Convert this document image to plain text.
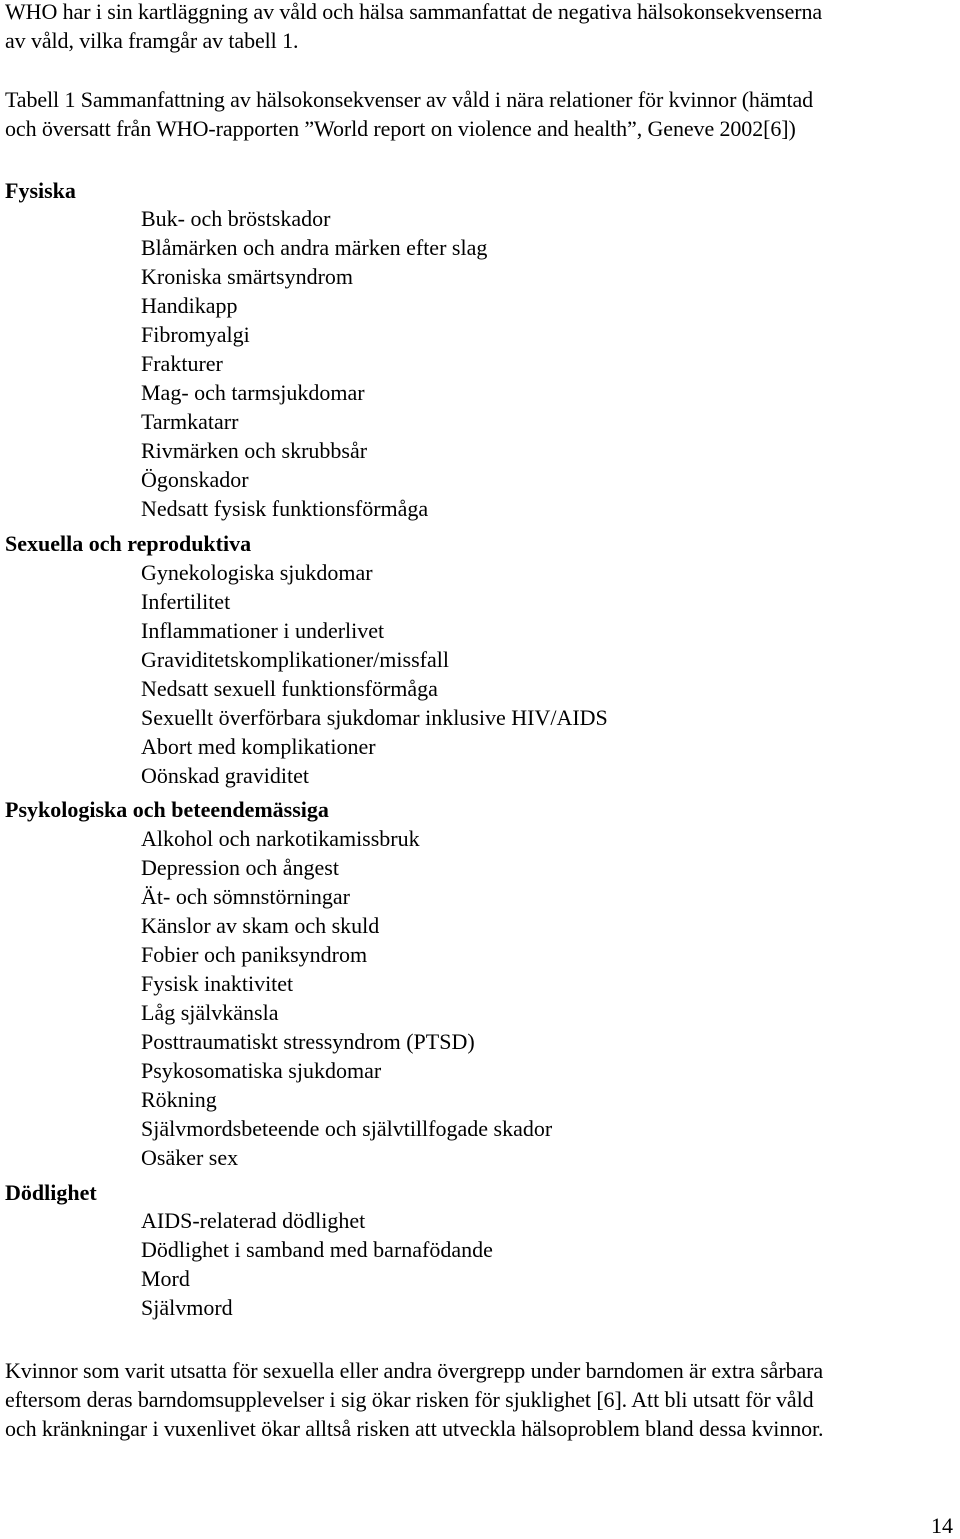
WHO har i sin kartläggning av våld och hälsa sammanfattat de negativa hälsokonsekvenserna
av våld, vilka framgår av tabell 1.
Tabell 1 Sammanfattning av hälsokonsekvenser av våld i nära relationer för kvinnor (hämtad
och översatt från WHO-rapporten ”World report on violence and health”, Geneve 2002[6])
Fysiska
Buk- och bröstskador
Blåmärken och andra märken efter slag
Kroniska smärtsyndrom
Handikapp
Fibromyalgi
Frakturer
Mag- och tarmsjukdomar
Tarmkatarr
Rivmärken och skrubbsår
Ögonskador
Nedsatt fysisk funktionsförmåga
Sexuella och reproduktiva
Gynekologiska sjukdomar
Infertilitet
Inflammationer i underlivet
Graviditetskomplikationer/missfall
Nedsatt sexuell funktionsförmåga
Sexuellt överförbara sjukdomar inklusive HIV/AIDS
Abort med komplikationer
Oönskad graviditet
Psykologiska och beteendemässiga
Alkohol och narkotikamissbruk
Depression och ångest
Ät- och sömnstörningar
Känslor av skam och skuld
Fobier och paniksyndrom
Fysisk inaktivitet
Låg självkänsla
Posttraumatiskt stressyndrom (PTSD)
Psykosomatiska sjukdomar
Rökning
Självmordsbeteende och självtillfogade skador
Osäker sex
Dödlighet
AIDS-relaterad dödlighet
Dödlighet i samband med barnafödande
Mord
Självmord
Kvinnor som varit utsatta för sexuella eller andra övergrepp under barndomen är extra sårbara
eftersom deras barndomsupplevelser i sig ökar risken för sjuklighet [6]. Att bli utsatt för våld
och kränkningar i vuxenlivet ökar alltså risken att utveckla hälsoproblem bland dessa kvinnor.
14
